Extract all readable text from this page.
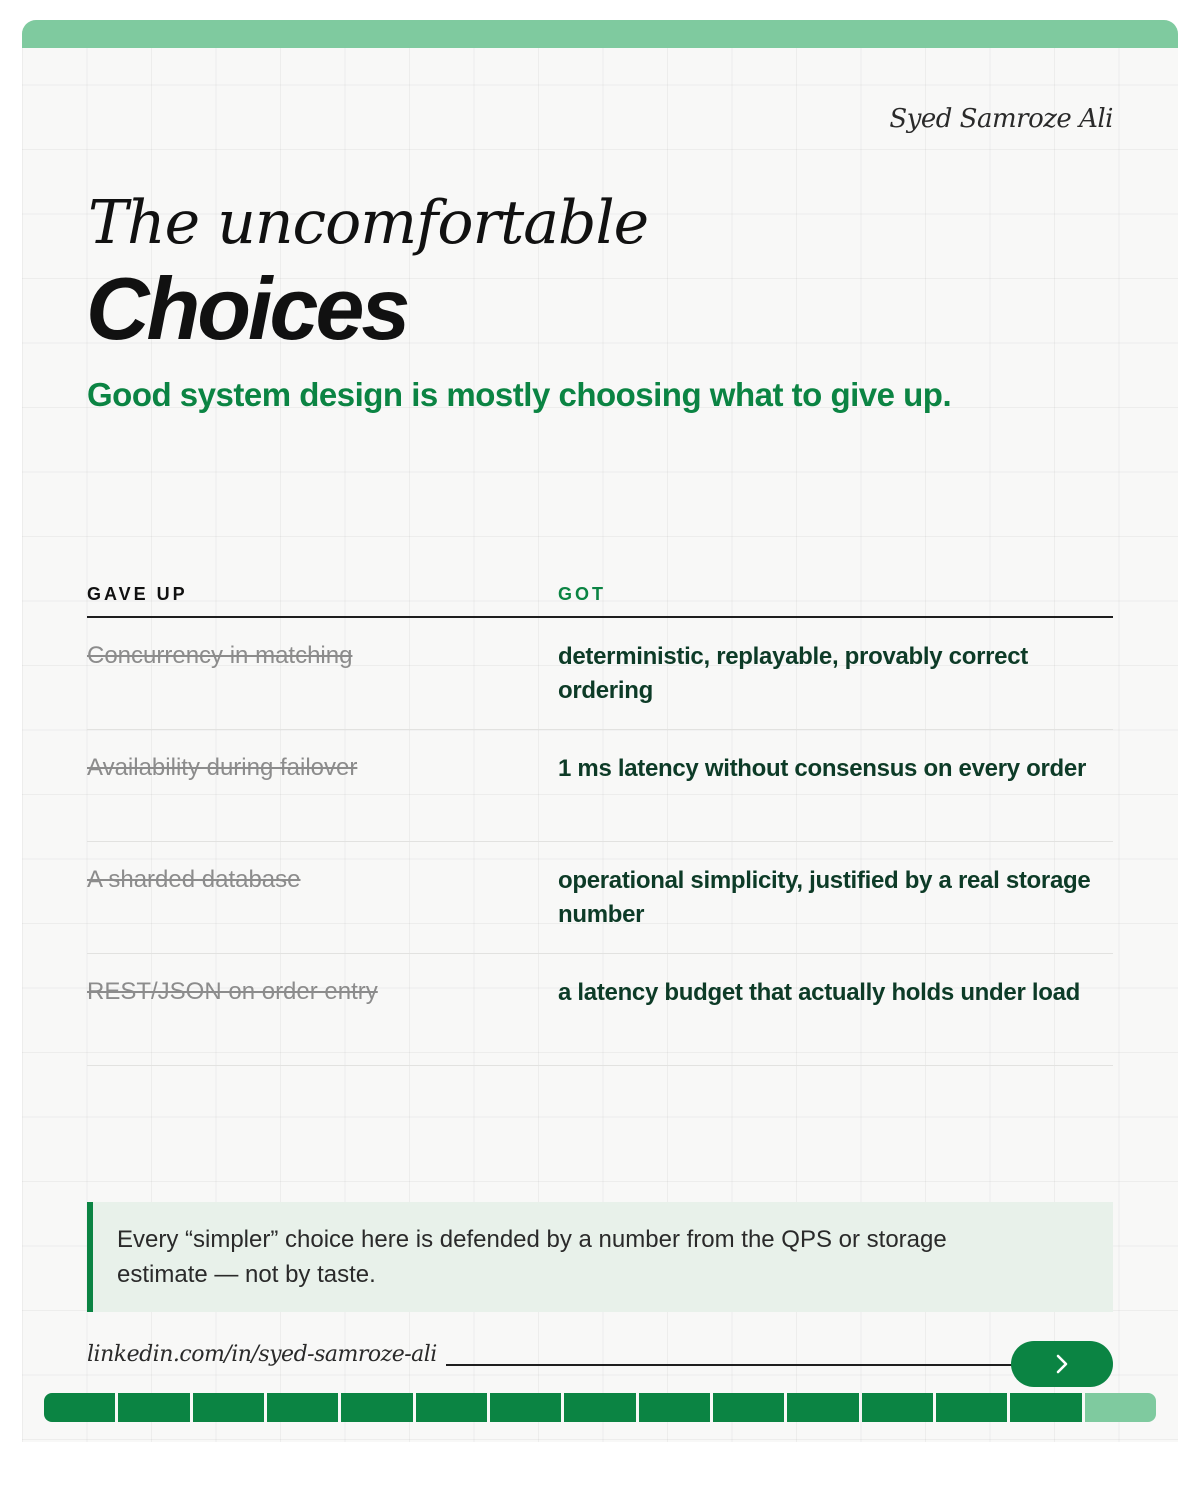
Syed Samroze Ali
The uncomfortable
Choices
Good system design is mostly choosing what to give up.
GAVE UP	GOT
Concurrency in matching	deterministic, replayable, provably correct ordering
Availability during failover	1 ms latency without consensus on every order
A sharded database	operational simplicity, justified by a real storage number
REST/JSON on order entry	a latency budget that actually holds under load
Every “simpler” choice here is defended by a number from the QPS or storage estimate — not by taste.
linkedin.com/in/syed-samroze-ali
